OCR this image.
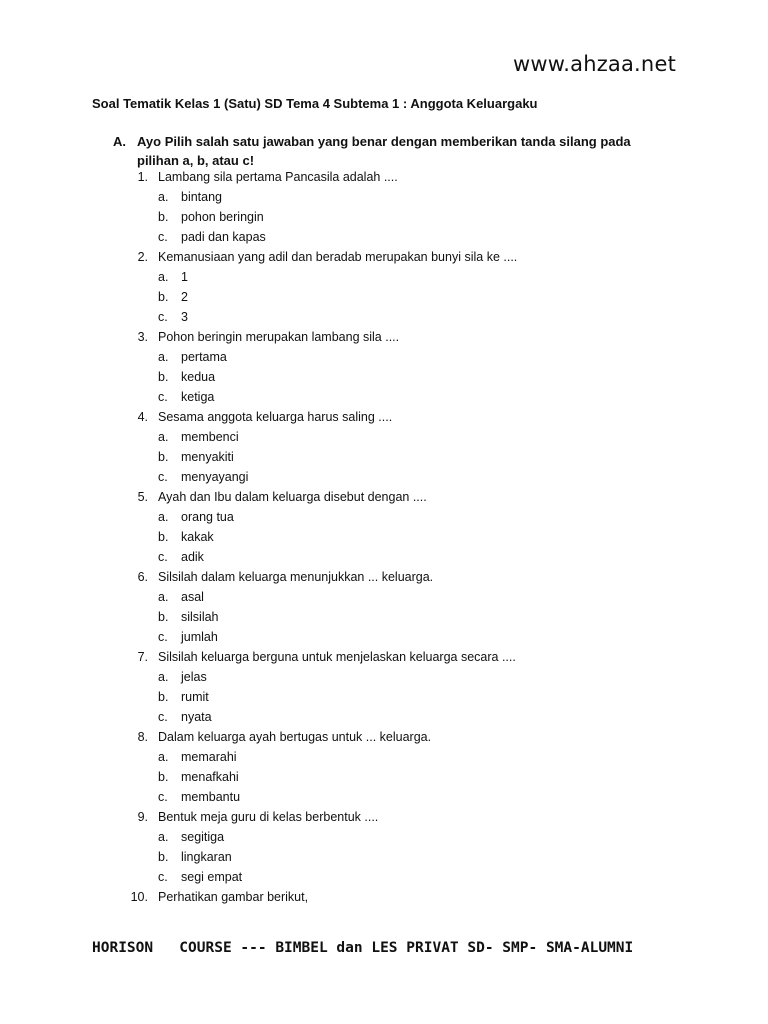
www.ahzaa.net
Soal Tematik Kelas 1 (Satu) SD Tema 4 Subtema 1 : Anggota Keluargaku
A. Ayo Pilih salah satu jawaban yang benar dengan memberikan tanda silang pada pilihan a, b, atau c!
1. Lambang sila pertama Pancasila adalah ....
a. bintang
b. pohon beringin
c. padi dan kapas
2. Kemanusiaan yang adil dan beradab merupakan bunyi sila ke ....
a. 1
b. 2
c. 3
3. Pohon beringin merupakan lambang sila ....
a. pertama
b. kedua
c. ketiga
4. Sesama anggota keluarga harus saling ....
a. membenci
b. menyakiti
c. menyayangi
5. Ayah dan Ibu dalam keluarga disebut dengan ....
a. orang tua
b. kakak
c. adik
6. Silsilah dalam keluarga menunjukkan ... keluarga.
a. asal
b. silsilah
c. jumlah
7. Silsilah keluarga berguna untuk menjelaskan keluarga secara ....
a. jelas
b. rumit
c. nyata
8. Dalam keluarga ayah bertugas untuk ... keluarga.
a. memarahi
b. menafkahi
c. membantu
9. Bentuk meja guru di kelas berbentuk ....
a. segitiga
b. lingkaran
c. segi empat
10. Perhatikan gambar berikut,
HORISON   COURSE --- BIMBEL dan LES PRIVAT SD- SMP- SMA-ALUMNI
